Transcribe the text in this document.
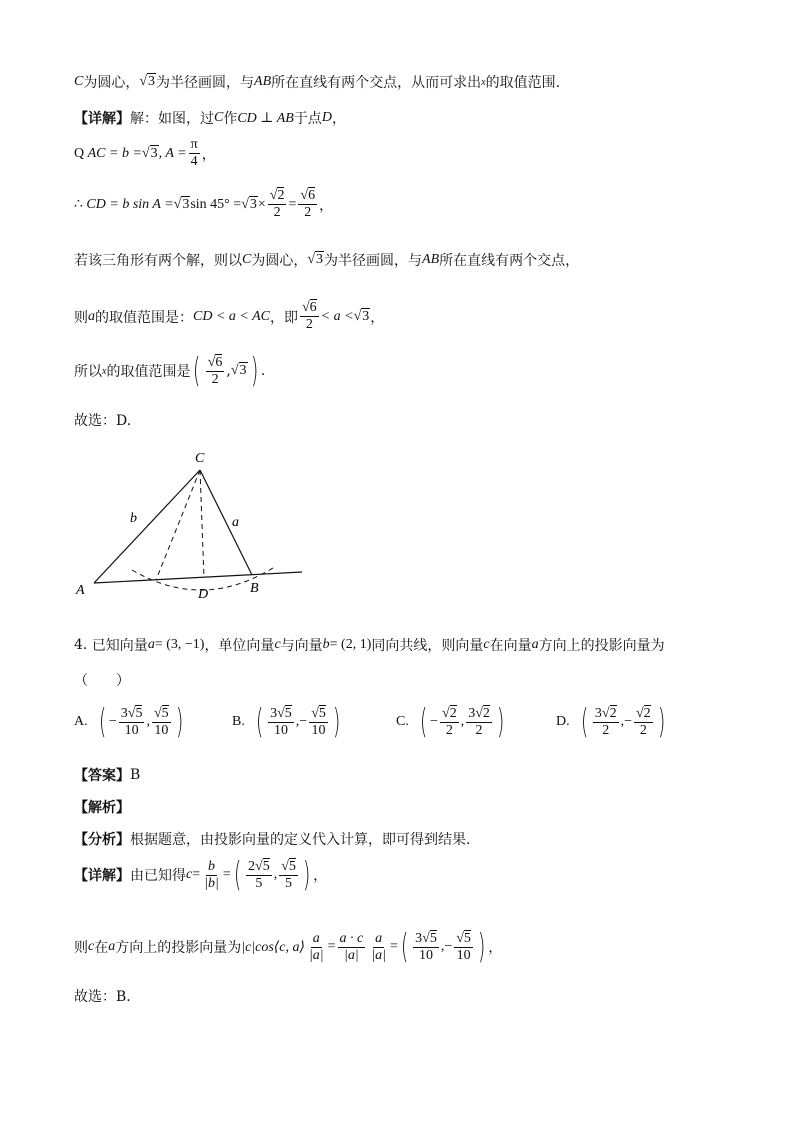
C 为圆心， √3 为半径画圆，与 AB 所在直线有两个交点，从而可求出 x 的取值范围.
【详解】 解：如图，过 C 作 CD ⊥ AB 于点 D ，
Q
AC = b = √3 , $A = \frac{\pi}{4}$ ，
∴
CD = b sin A = √3 $\sin 45^\circ = √3 \times \frac{√2}{2} = \frac{√6}{2}$ ，
若该三角形有两个解，则以 C 为圆心， √3 为半径画圆，与 AB 所在直线有两个交点，
则 a 的取值范围是： CD < a < AC ，即 $\frac{√6}{2} < a < √3$ ，
所以 x 的取值范围是 ( $\frac{√6}{2}$ , √3 ) .
故选：D.
C
A	B
D
b	a
4.
已知向量 a = (3, −1) ，单位向量 c 与向量 b = (2, 1) 同向共线，则向量 c 在向量 a 方向上的投影向量为
（　　）
A. ( − $\frac{3√5}{10}$ , $\frac{√5}{10}$ )	B. ( $\frac{3√5}{10}$ , − $\frac{√5}{10}$ )	C. ( − $\frac{√2}{2}$ , $\frac{3√2}{2}$ )	D. ( $\frac{3√2}{2}$ , − $\frac{√2}{2}$ )
【答案】 B
【解析】
【分析】 根据题意，由投影向量的定义代入计算，即可得到结果.
【详解】 由已知得 $c = \frac{b}{|b|}$ = ( $\frac{2√5}{5}$ , $\frac{√5}{5}$ ) ，
则 c 在 a 方向上的投影向量为 |c|cos⟨c, a⟩ $\frac{a}{|a|} = \frac{a \cdot c}{|a|} \frac{a}{|a|}$ = ( $\frac{3√5}{10}$ , − $\frac{√5}{10}$ ) ，
故选：B.
